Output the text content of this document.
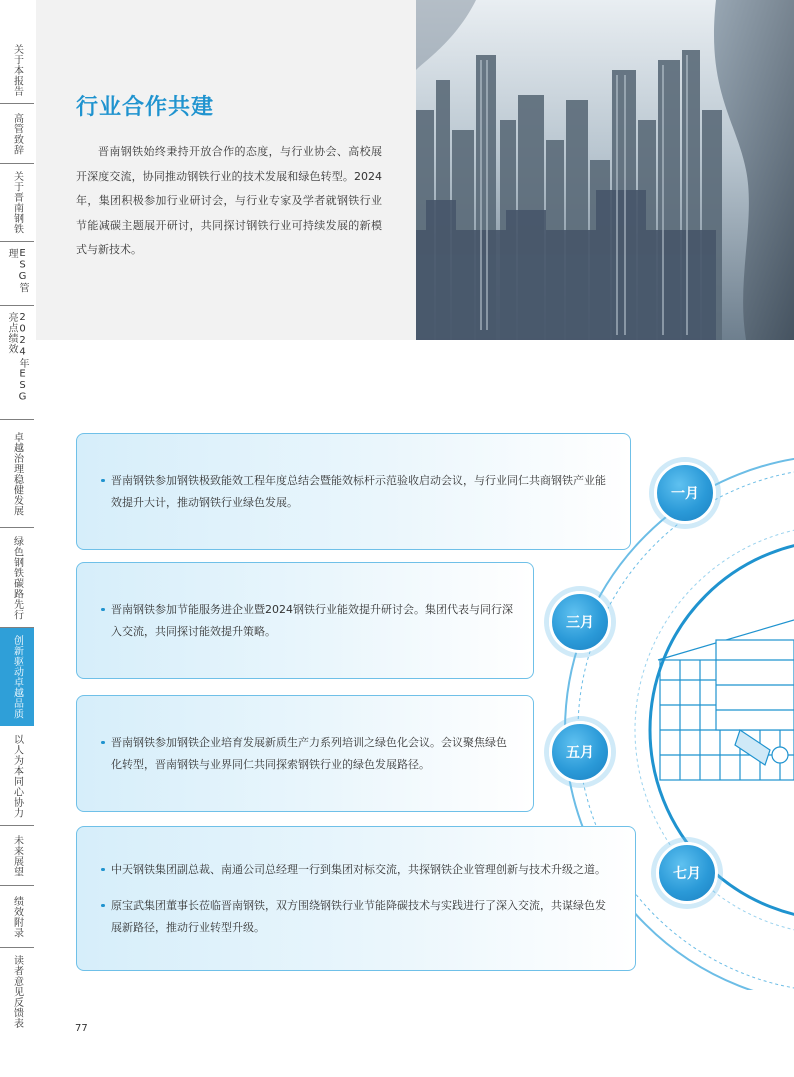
关于本报告
高管致辞
关于晋南钢铁
ESG管理
2024年ESG亮点绩效
卓越治理稳健发展
绿色钢铁碳路先行
创新驱动卓越品质
以人为本同心协力
未来展望
绩效附录
读者意见反馈表
行业合作共建
晋南钢铁始终秉持开放合作的态度，与行业协会、高校展开深度交流，协同推动钢铁行业的技术发展和绿色转型。2024年，集团积极参加行业研讨会，与行业专家及学者就钢铁行业节能减碳主题展开研讨，共同探讨钢铁行业可持续发展的新模式与新技术。
晋南钢铁参加钢铁极致能效工程年度总结会暨能效标杆示范验收启动会议，与行业同仁共商钢铁产业能效提升大计，推动钢铁行业绿色发展。	一月
晋南钢铁参加节能服务进企业暨2024钢铁行业能效提升研讨会。集团代表与同行深入交流，共同探讨能效提升策略。	三月
晋南钢铁参加钢铁企业培育发展新质生产力系列培训之绿色化会议。会议聚焦绿色化转型，晋南钢铁与业界同仁共同探索钢铁行业的绿色发展路径。
五月
中天钢铁集团副总裁、南通公司总经理一行到集团对标交流，共探钢铁企业管理创新与技术升级之道。
原宝武集团董事长莅临晋南钢铁，双方围绕钢铁行业节能降碳技术与实践进行了深入交流，共谋绿色发展新路径，推动行业转型升级。
七月
77
